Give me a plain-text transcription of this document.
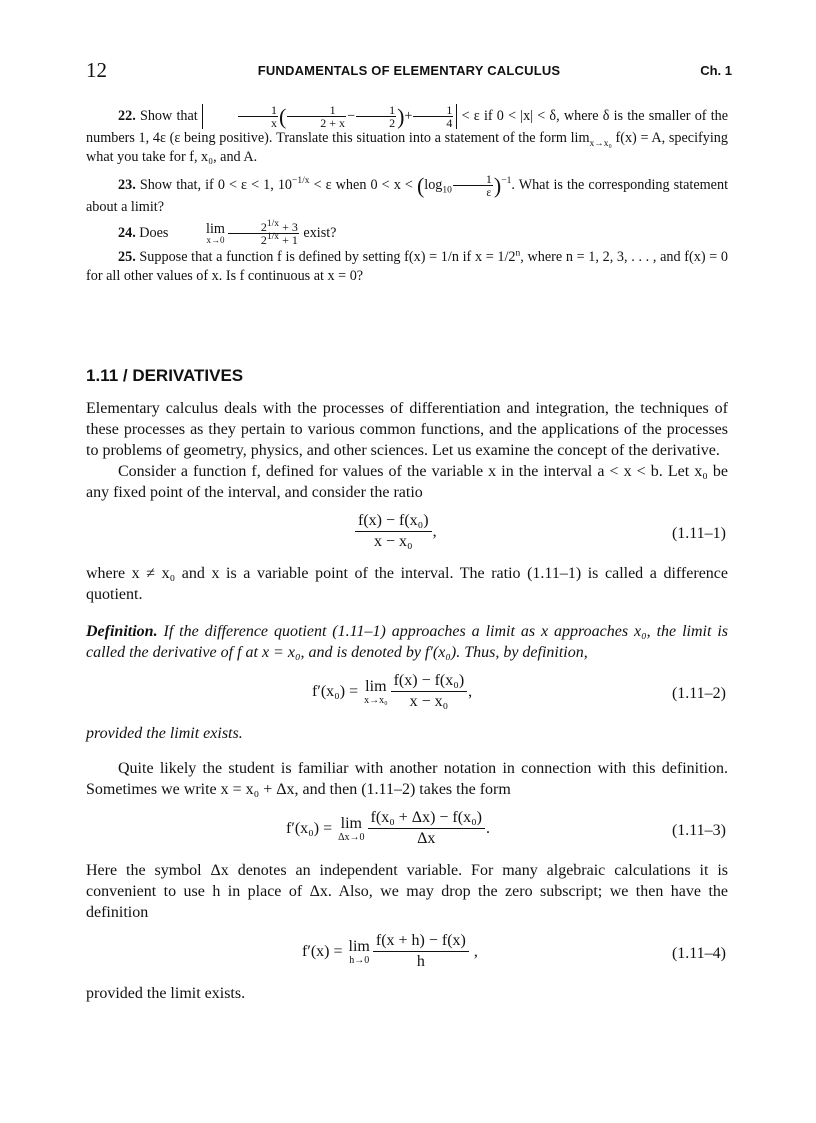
12	FUNDAMENTALS OF ELEMENTARY CALCULUS	Ch. 1

22. Show that	$\frac{1}{x}$ ( $\frac{1}{2 + x} - \frac{1}{2}$ )+ $\frac{1}{4} < \varepsilon$ if 0 < |x| < δ, where δ is the smaller of the numbers 1, 4ε (ε being positive). Translate this situation into a statement of the form $\lim_{x\to x_0} f(x) = A$, specifying what you take for f, x₀, and A.

23. Show that, if 0 < ε < 1, $10^{-1/x} < \varepsilon$ when $0 < x < (\log_{10} \frac{1}{\varepsilon} )^{-1}$. What is the corresponding statement about a limit?

24. Does	lim
$x\to 0 \frac{2^{1/x} + 3}{2^{1/x} + 1}$ exist?

25. Suppose that a function f is defined by setting f(x) = 1/n if $x = 1/2^n$, where n = 1, 2, 3, . . . , and f(x) = 0 for all other values of x. Is f continuous at x = 0?

1.11 / DERIVATIVES

Elementary calculus deals with the processes of differentiation and integration, the techniques of these processes as they pertain to various common functions, and the applications of the processes to problems of geometry, physics, and other sciences. Let us examine the concept of the derivative.

Consider a function f, defined for values of the variable x in the interval a < x < b. Let x₀ be any fixed point of the interval, and consider the ratio

$\frac{\text{f(x) − f(x₀)}}{\text{x − x₀}}$ ,	(1.11–1)

where x ≠ x₀ and x is a variable point of the interval. The ratio (1.11–1) is called a difference quotient.

Definition. If the difference quotient (1.11–1) approaches a limit as x approaches x₀, the limit is called the derivative of f at x = x₀, and is denoted by f′(x₀). Thus, by definition,

f′(x₀) = lim
$x\to x_0 \frac{\text{f(x) − f(x₀)}}{\text{x − x₀}}$ ,	(1.11–2)

provided the limit exists.

Quite likely the student is familiar with another notation in connection with this definition. Sometimes we write x = x₀ + Δx, and then (1.11–2) takes the form

f′(x₀) = lim
$\Delta x\to 0 \frac{\text{f(x₀ + Δx) − f(x₀)}}{\Delta x}$ .	(1.11–3)

Here the symbol Δx denotes an independent variable. For many algebraic calculations it is convenient to use h in place of Δx. Also, we may drop the zero subscript; we then have the definition

f′(x) = lim
$h\to 0 \frac{f(x + h) - f(x)}{h}$ ,	(1.11–4)

provided the limit exists.
